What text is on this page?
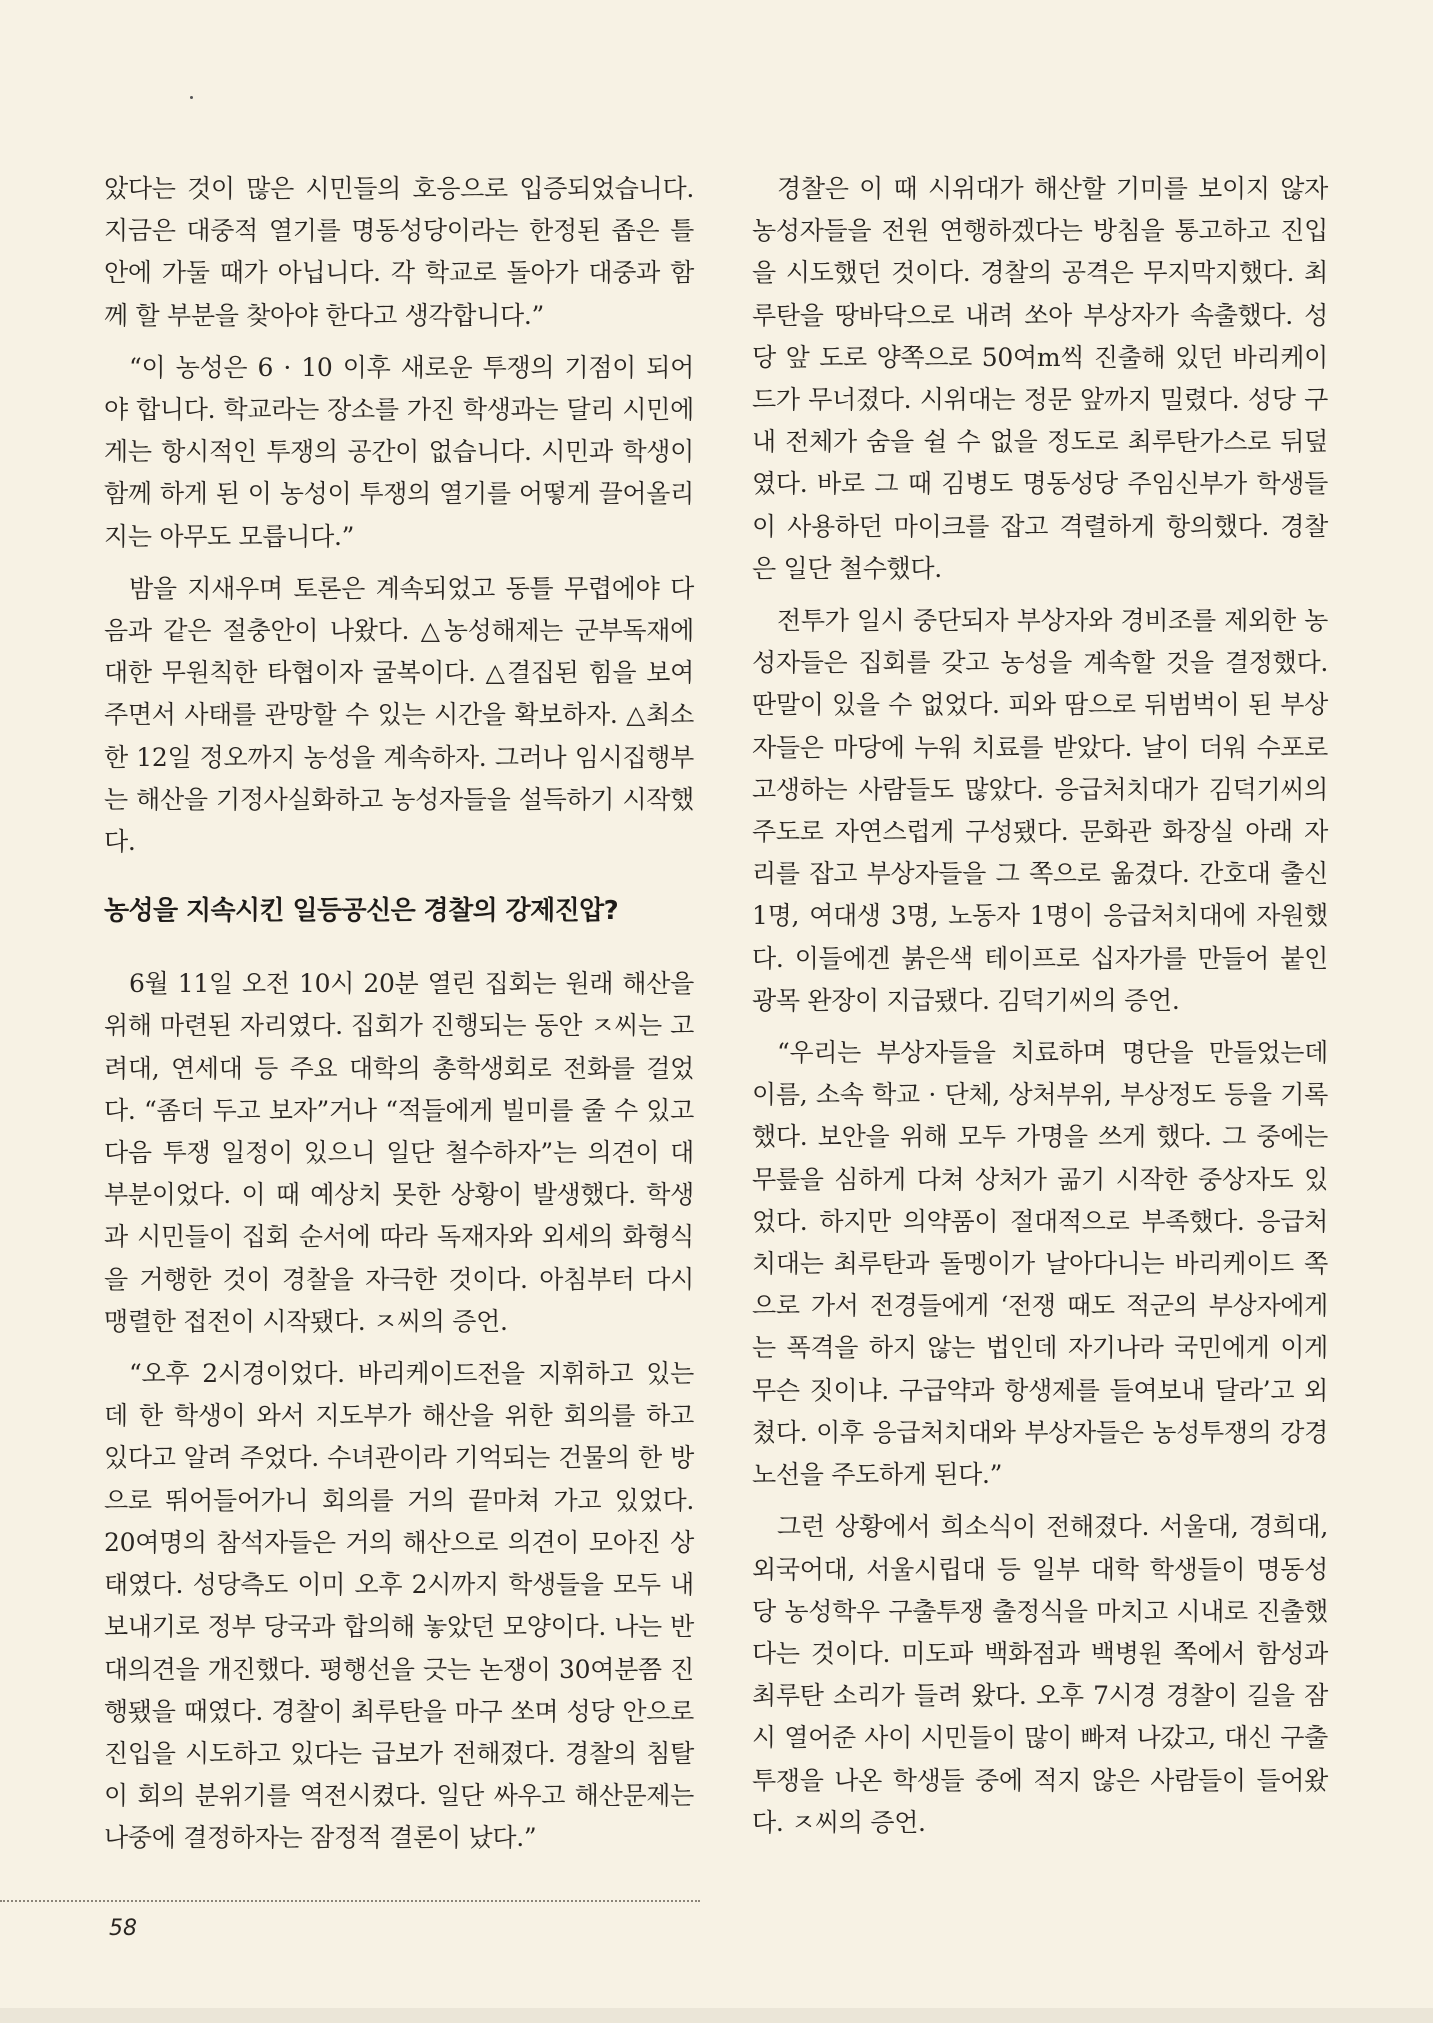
았다는 것이 많은 시민들의 호응으로 입증되었습니다. 지금은 대중적 열기를 명동성당이라는 한정된 좁은 틀 안에 가둘 때가 아닙니다. 각 학교로 돌아가 대중과 함께 할 부분을 찾아야 한다고 생각합니다.”

“이 농성은 6 · 10 이후 새로운 투쟁의 기점이 되어야 합니다. 학교라는 장소를 가진 학생과는 달리 시민에게는 항시적인 투쟁의 공간이 없습니다. 시민과 학생이 함께 하게 된 이 농성이 투쟁의 열기를 어떻게 끌어올리지는 아무도 모릅니다.”

밤을 지새우며 토론은 계속되었고 동틀 무렵에야 다음과 같은 절충안이 나왔다. △농성해제는 군부독재에 대한 무원칙한 타협이자 굴복이다. △결집된 힘을 보여 주면서 사태를 관망할 수 있는 시간을 확보하자. △최소한 12일 정오까지 농성을 계속하자. 그러나 임시집행부는 해산을 기정사실화하고 농성자들을 설득하기 시작했다.

농성을 지속시킨 일등공신은 경찰의 강제진압?

6월 11일 오전 10시 20분 열린 집회는 원래 해산을 위해 마련된 자리였다. 집회가 진행되는 동안 ㅈ씨는 고려대, 연세대 등 주요 대학의 총학생회로 전화를 걸었다. “좀더 두고 보자”거나 “적들에게 빌미를 줄 수 있고 다음 투쟁 일정이 있으니 일단 철수하자”는 의견이 대부분이었다. 이 때 예상치 못한 상황이 발생했다. 학생과 시민들이 집회 순서에 따라 독재자와 외세의 화형식을 거행한 것이 경찰을 자극한 것이다. 아침부터 다시 맹렬한 접전이 시작됐다. ㅈ씨의 증언.

“오후 2시경이었다. 바리케이드전을 지휘하고 있는데 한 학생이 와서 지도부가 해산을 위한 회의를 하고 있다고 알려 주었다. 수녀관이라 기억되는 건물의 한 방으로 뛰어들어가니 회의를 거의 끝마쳐 가고 있었다. 20여명의 참석자들은 거의 해산으로 의견이 모아진 상태였다. 성당측도 이미 오후 2시까지 학생들을 모두 내보내기로 정부 당국과 합의해 놓았던 모양이다. 나는 반대의견을 개진했다. 평행선을 긋는 논쟁이 30여분쯤 진행됐을 때였다. 경찰이 최루탄을 마구 쏘며 성당 안으로 진입을 시도하고 있다는 급보가 전해졌다. 경찰의 침탈이 회의 분위기를 역전시켰다. 일단 싸우고 해산문제는 나중에 결정하자는 잠정적 결론이 났다.”

경찰은 이 때 시위대가 해산할 기미를 보이지 않자 농성자들을 전원 연행하겠다는 방침을 통고하고 진입을 시도했던 것이다. 경찰의 공격은 무지막지했다. 최루탄을 땅바닥으로 내려 쏘아 부상자가 속출했다. 성당 앞 도로 양쪽으로 50여m씩 진출해 있던 바리케이드가 무너졌다. 시위대는 정문 앞까지 밀렸다. 성당 구내 전체가 숨을 쉴 수 없을 정도로 최루탄가스로 뒤덮였다. 바로 그 때 김병도 명동성당 주임신부가 학생들이 사용하던 마이크를 잡고 격렬하게 항의했다. 경찰은 일단 철수했다.

전투가 일시 중단되자 부상자와 경비조를 제외한 농성자들은 집회를 갖고 농성을 계속할 것을 결정했다. 딴말이 있을 수 없었다. 피와 땀으로 뒤범벅이 된 부상자들은 마당에 누워 치료를 받았다. 날이 더워 수포로 고생하는 사람들도 많았다. 응급처치대가 김덕기씨의 주도로 자연스럽게 구성됐다. 문화관 화장실 아래 자리를 잡고 부상자들을 그 쪽으로 옮겼다. 간호대 출신 1명, 여대생 3명, 노동자 1명이 응급처치대에 자원했다. 이들에겐 붉은색 테이프로 십자가를 만들어 붙인 광목 완장이 지급됐다. 김덕기씨의 증언.

“우리는 부상자들을 치료하며 명단을 만들었는데 이름, 소속 학교 · 단체, 상처부위, 부상정도 등을 기록했다. 보안을 위해 모두 가명을 쓰게 했다. 그 중에는 무릎을 심하게 다쳐 상처가 곪기 시작한 중상자도 있었다. 하지만 의약품이 절대적으로 부족했다. 응급처치대는 최루탄과 돌멩이가 날아다니는 바리케이드 쪽으로 가서 전경들에게 ‘전쟁 때도 적군의 부상자에게는 폭격을 하지 않는 법인데 자기나라 국민에게 이게 무슨 짓이냐. 구급약과 항생제를 들여보내 달라’고 외쳤다. 이후 응급처치대와 부상자들은 농성투쟁의 강경노선을 주도하게 된다.”

그런 상황에서 희소식이 전해졌다. 서울대, 경희대, 외국어대, 서울시립대 등 일부 대학 학생들이 명동성당 농성학우 구출투쟁 출정식을 마치고 시내로 진출했다는 것이다. 미도파 백화점과 백병원 쪽에서 함성과 최루탄 소리가 들려 왔다. 오후 7시경 경찰이 길을 잠시 열어준 사이 시민들이 많이 빠져 나갔고, 대신 구출투쟁을 나온 학생들 중에 적지 않은 사람들이 들어왔다. ㅈ씨의 증언.

58
